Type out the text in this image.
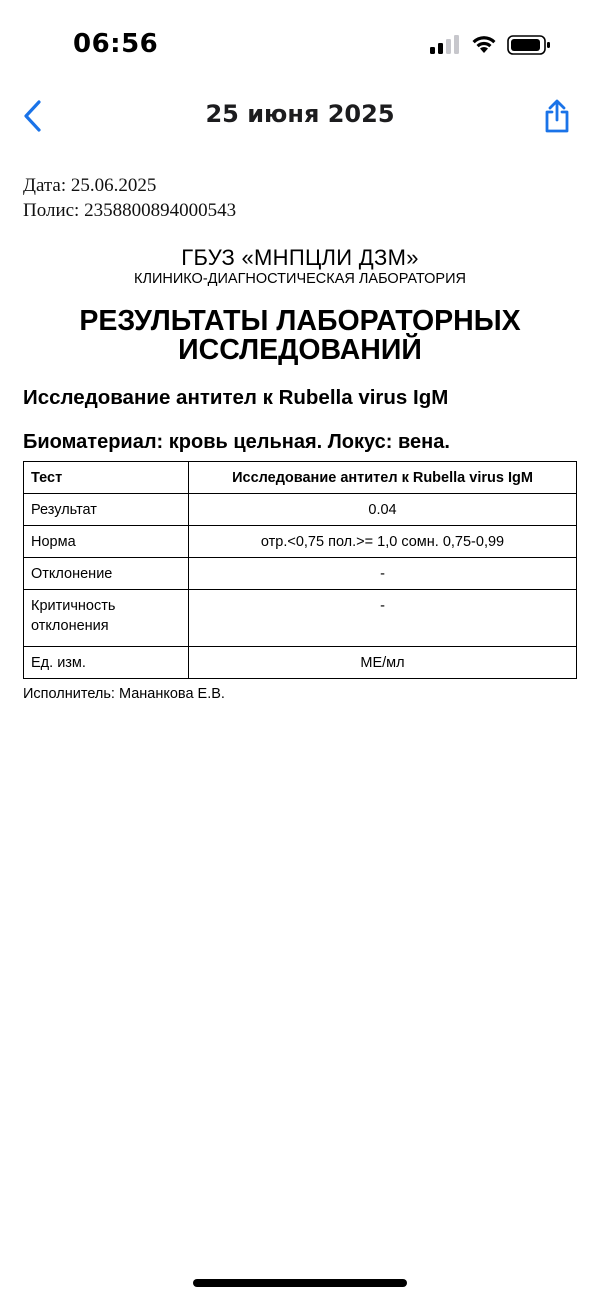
06:56
25 июня 2025
Дата: 25.06.2025
Полис: 2358800894000543
ГБУЗ «МНПЦЛИ ДЗМ»
КЛИНИКО-ДИАГНОСТИЧЕСКАЯ ЛАБОРАТОРИЯ
РЕЗУЛЬТАТЫ ЛАБОРАТОРНЫХ ИССЛЕДОВАНИЙ
Исследование антител к Rubella virus IgM
Биоматериал: кровь цельная. Локус: вена.
Тест	Исследование антител к Rubella virus IgM
Результат	0.04
Норма	отр.<0,75 пол.>= 1,0 сомн. 0,75-0,99
Отклонение	-
Критичность отклонения	-
Ед. изм.	МЕ/мл
Исполнитель: Мананкова Е.В.
